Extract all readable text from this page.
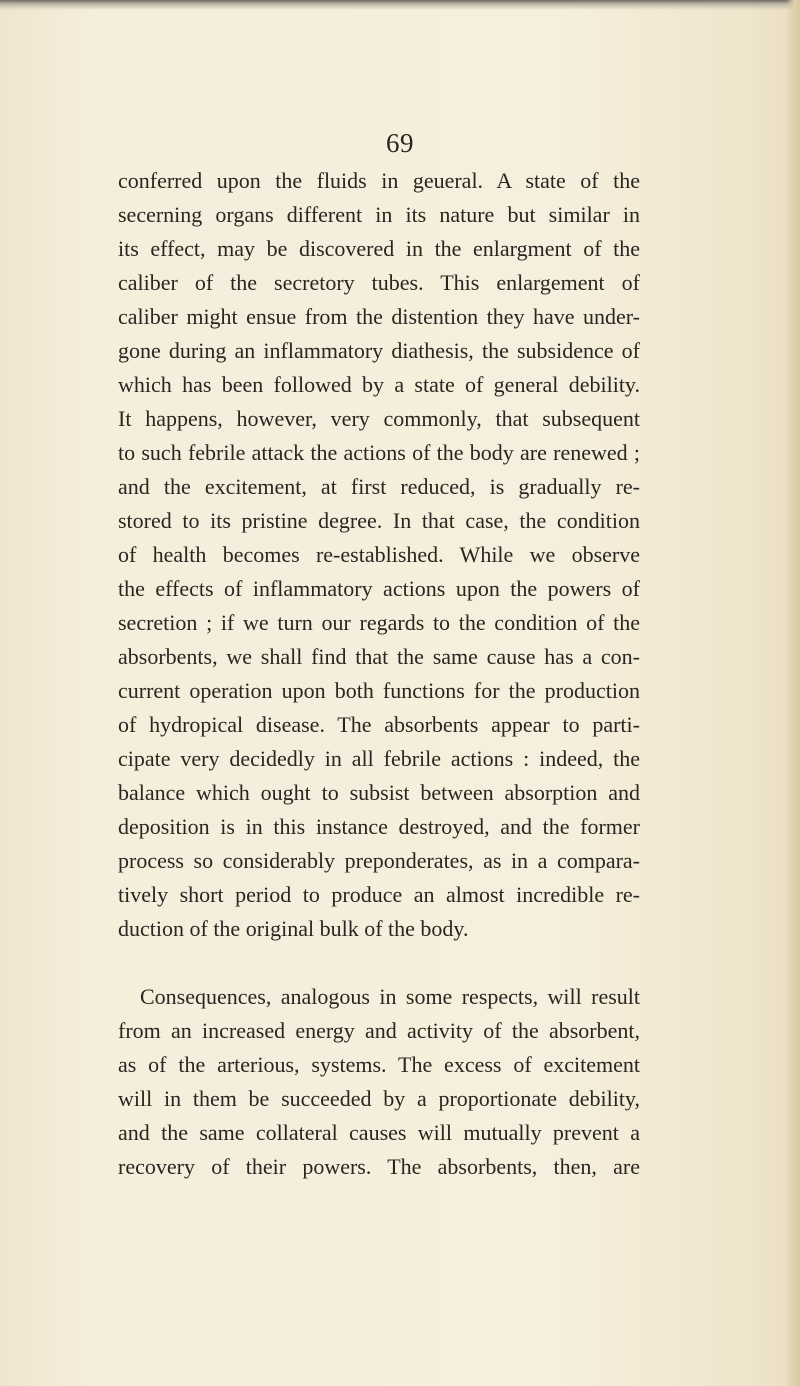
69
conferred upon the fluids in geueral. A state of the
secerning organs different in its nature but similar in
its effect, may be discovered in the enlargment of the
caliber of the secretory tubes. This enlargement of
caliber might ensue from the distention they have under-
gone during an inflammatory diathesis, the subsidence of
which has been followed by a state of general debility.
It happens, however, very commonly, that subsequent
to such febrile attack the actions of the body are renewed ;
and the excitement, at first reduced, is gradually re-
stored to its pristine degree. In that case, the condition
of health becomes re-established. While we observe
the effects of inflammatory actions upon the powers of
secretion ; if we turn our regards to the condition of the
absorbents, we shall find that the same cause has a con-
current operation upon both functions for the production
of hydropical disease. The absorbents appear to parti-
cipate very decidedly in all febrile actions : indeed, the
balance which ought to subsist between absorption and
deposition is in this instance destroyed, and the former
process so considerably preponderates, as in a compara-
tively short period to produce an almost incredible re-
duction of the original bulk of the body.
Consequences, analogous in some respects, will result
from an increased energy and activity of the absorbent,
as of the arterious, systems. The excess of excitement
will in them be succeeded by a proportionate debility,
and the same collateral causes will mutually prevent a
recovery of their powers. The absorbents, then, are
